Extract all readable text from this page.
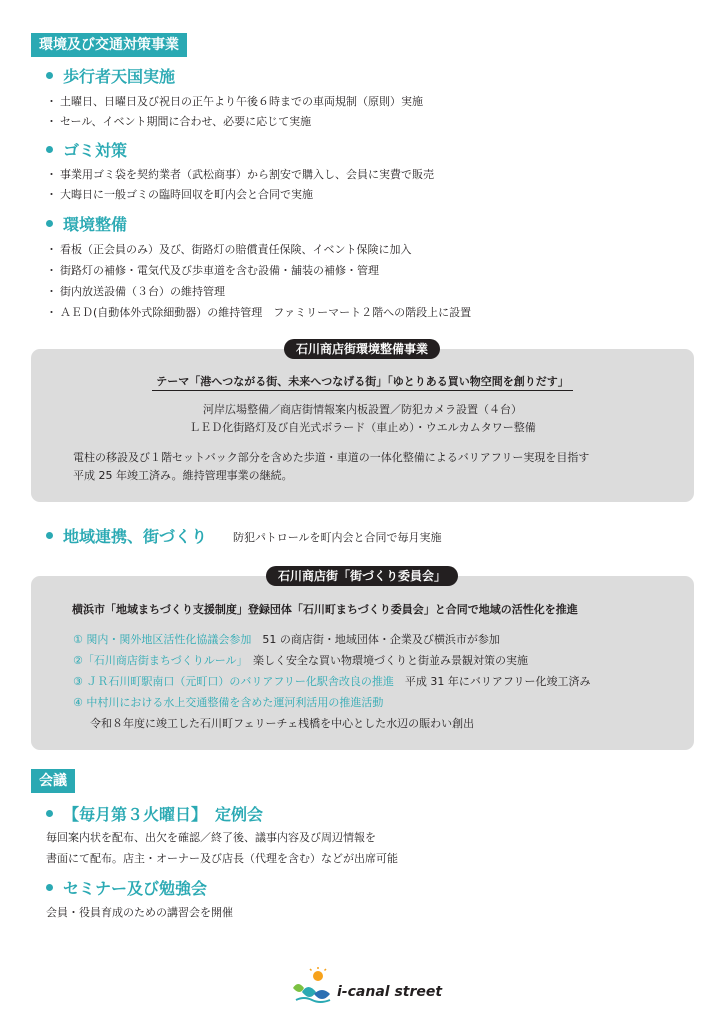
環境及び交通対策事業
歩行者天国実施
・ 土曜日、日曜日及び祝日の正午より午後６時までの車両規制（原則）実施
・ セール、イベント期間に合わせ、必要に応じて実施
ゴミ対策
・ 事業用ゴミ袋を契約業者（武松商事）から割安で購入し、会員に実費で販売
・ 大晦日に一般ゴミの臨時回収を町内会と合同で実施
環境整備
・ 看板（正会員のみ）及び、街路灯の賠償責任保険、イベント保険に加入
・ 街路灯の補修・電気代及び歩車道を含む設備・舗装の補修・管理
・ 街内放送設備（３台）の維持管理
・ ＡＥＤ(自動体外式除細動器）の維持管理　ファミリーマート２階への階段上に設置
石川商店街環境整備事業
テーマ「港へつながる街、未来へつなげる街」「ゆとりある買い物空間を創りだす」
河岸広場整備／商店街情報案内板設置／防犯カメラ設置（４台）
ＬＥＤ化街路灯及び自光式ボラード（車止め）・ウエルカムタワー整備
電柱の移設及び１階セットバック部分を含めた歩道・車道の一体化整備によるバリアフリー実現を目指す
平成 25 年竣工済み。維持管理事業の継続。
地域連携、街づくり 防犯パトロールを町内会と合同で毎月実施
石川商店街「街づくり委員会」
横浜市「地域まちづくり支援制度」登録団体「石川町まちづくり委員会」と合同で地域の活性化を推進
① 関内・関外地区活性化協議会参加　 51 の商店街・地域団体・企業及び横浜市が参加
②「石川商店街まちづくりルール」　 楽しく安全な買い物環境づくりと街並み景観対策の実施
③ ＪＲ石川町駅南口（元町口）のバリアフリー化駅舎改良の推進　 平成 31 年にバリアフリー化竣工済み
④ 中村川における水上交通整備を含めた運河利活用の推進活動
令和８年度に竣工した石川町フェリーチェ桟橋を中心とした水辺の賑わい創出
会議
【毎月第３火曜日】　定例会
毎回案内状を配布、出欠を確認／終了後、議事内容及び周辺情報を
書面にて配布。店主・オーナー及び店長（代理を含む）などが出席可能
セミナー及び勉強会
会員・役員育成のための講習会を開催
i-canal street
